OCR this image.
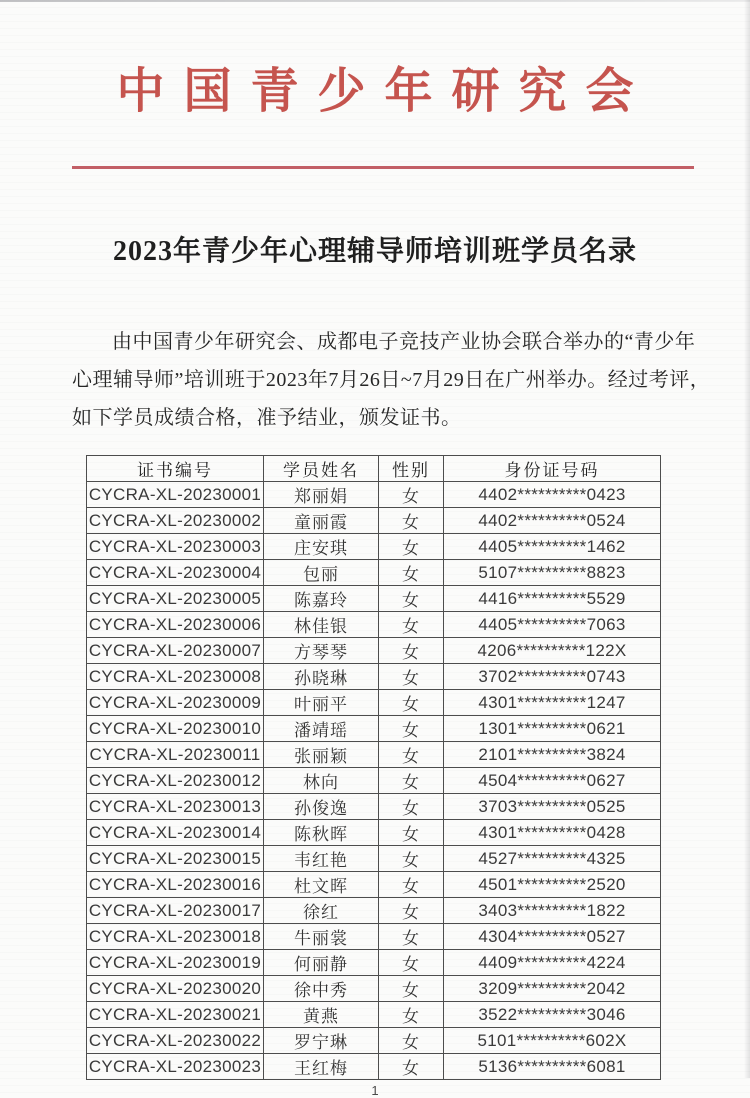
中国青少年研究会
2023年青少年心理辅导师培训班学员名录
由中国青少年研究会、成都电子竞技产业协会联合举办的“青少年
心理辅导师”培训班于2023年7月26日~7月29日在广州举办。经过考评，
如下学员成绩合格，准予结业，颁发证书。
证书编号	学员姓名	性别	身份证号码
CYCRA-XL-20230001	郑丽娟	女	4402**********0423
CYCRA-XL-20230002	童丽霞	女	4402**********0524
CYCRA-XL-20230003	庄安琪	女	4405**********1462
CYCRA-XL-20230004	包丽	女	5107**********8823
CYCRA-XL-20230005	陈嘉玲	女	4416**********5529
CYCRA-XL-20230006	林佳银	女	4405**********7063
CYCRA-XL-20230007	方琴琴	女	4206**********122X
CYCRA-XL-20230008	孙晓琳	女	3702**********0743
CYCRA-XL-20230009	叶丽平	女	4301**********1247
CYCRA-XL-20230010	潘靖瑶	女	1301**********0621
CYCRA-XL-20230011	张丽颖	女	2101**********3824
CYCRA-XL-20230012	林向	女	4504**********0627
CYCRA-XL-20230013	孙俊逸	女	3703**********0525
CYCRA-XL-20230014	陈秋晖	女	4301**********0428
CYCRA-XL-20230015	韦红艳	女	4527**********4325
CYCRA-XL-20230016	杜文晖	女	4501**********2520
CYCRA-XL-20230017	徐红	女	3403**********1822
CYCRA-XL-20230018	牛丽裳	女	4304**********0527
CYCRA-XL-20230019	何丽静	女	4409**********4224
CYCRA-XL-20230020	徐中秀	女	3209**********2042
CYCRA-XL-20230021	黄燕	女	3522**********3046
CYCRA-XL-20230022	罗宁琳	女	5101**********602X
CYCRA-XL-20230023	王红梅	女	5136**********6081
1
